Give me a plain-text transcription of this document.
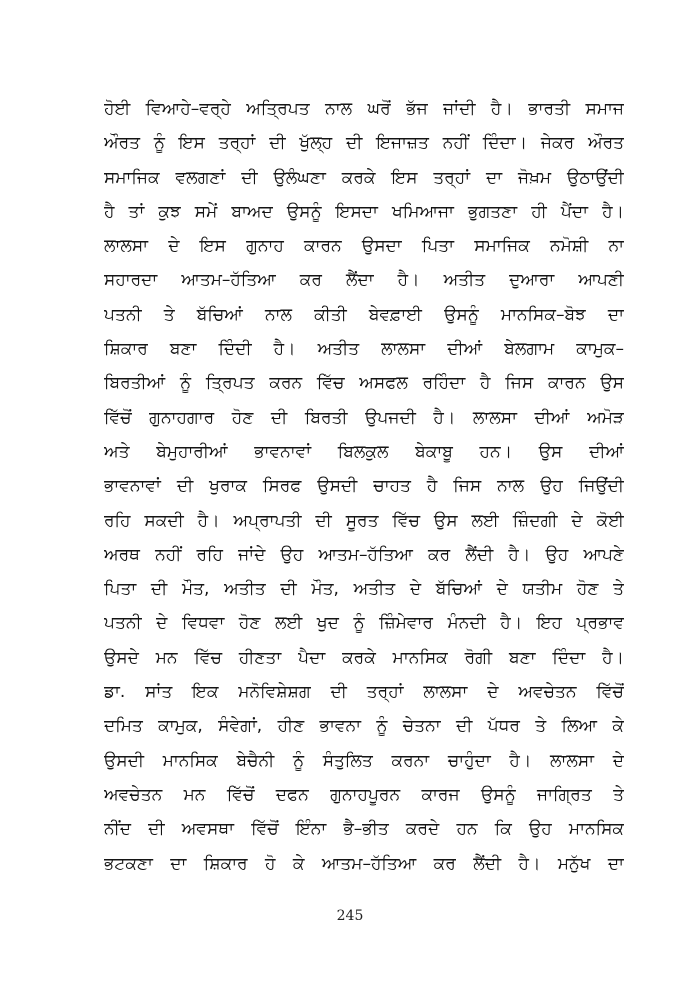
ਹੋਈ ਵਿਆਹੇ–ਵਰ੍ਹੇ ਅਤ੍ਰਿਪਤ ਨਾਲ ਘਰੋਂ ਭੱਜ ਜਾਂਦੀ ਹੈ। ਭਾਰਤੀ ਸਮਾਜ
ਔਰਤ ਨੂੰ ਇਸ ਤਰ੍ਹਾਂ ਦੀ ਖੁੱਲ੍ਹ ਦੀ ਇਜਾਜ਼ਤ ਨਹੀਂ ਦਿੰਦਾ। ਜੇਕਰ ਔਰਤ
ਸਮਾਜਿਕ ਵਲਗਣਾਂ ਦੀ ਉਲੰਘਣਾ ਕਰਕੇ ਇਸ ਤਰ੍ਹਾਂ ਦਾ ਜੋਖ਼ਮ ਉਠਾਉਂਦੀ
ਹੈ ਤਾਂ ਕੁਝ ਸਮੇਂ ਬਾਅਦ ਉਸਨੂੰ ਇਸਦਾ ਖਮਿਆਜਾ ਭੁਗਤਣਾ ਹੀ ਪੈਂਦਾ ਹੈ।
ਲਾਲਸਾ ਦੇ ਇਸ ਗੁਨਾਹ ਕਾਰਨ ਉਸਦਾ ਪਿਤਾ ਸਮਾਜਿਕ ਨਮੋਸ਼ੀ ਨਾ
ਸਹਾਰਦਾ ਆਤਮ–ਹੱਤਿਆ ਕਰ ਲੈਂਦਾ ਹੈ। ਅਤੀਤ ਦੁਆਰਾ ਆਪਣੀ
ਪਤਨੀ ਤੇ ਬੱਚਿਆਂ ਨਾਲ ਕੀਤੀ ਬੇਵਫ਼ਾਈ ਉਸਨੂੰ ਮਾਨਸਿਕ–ਬੋਝ ਦਾ
ਸ਼ਿਕਾਰ ਬਣਾ ਦਿੰਦੀ ਹੈ। ਅਤੀਤ ਲਾਲਸਾ ਦੀਆਂ ਬੇਲਗਾਮ ਕਾਮੁਕ–
ਬਿਰਤੀਆਂ ਨੂੰ ਤ੍ਰਿਪਤ ਕਰਨ ਵਿੱਚ ਅਸਫਲ ਰਹਿੰਦਾ ਹੈ ਜਿਸ ਕਾਰਨ ਉਸ
ਵਿੱਚੋਂ ਗੁਨਾਹਗਾਰ ਹੋਣ ਦੀ ਬਿਰਤੀ ਉਪਜਦੀ ਹੈ। ਲਾਲਸਾ ਦੀਆਂ ਅਮੋੜ
ਅਤੇ ਬੇਮੁਹਾਰੀਆਂ ਭਾਵਨਾਵਾਂ ਬਿਲਕੁਲ ਬੇਕਾਬੂ ਹਨ। ਉਸ ਦੀਆਂ
ਭਾਵਨਾਵਾਂ ਦੀ ਖੁਰਾਕ ਸਿਰਫ ਉਸਦੀ ਚਾਹਤ ਹੈ ਜਿਸ ਨਾਲ ਉਹ ਜਿਉਂਦੀ
ਰਹਿ ਸਕਦੀ ਹੈ। ਅਪ੍ਰਾਪਤੀ ਦੀ ਸੂਰਤ ਵਿੱਚ ਉਸ ਲਈ ਜ਼ਿੰਦਗੀ ਦੇ ਕੋਈ
ਅਰਥ ਨਹੀਂ ਰਹਿ ਜਾਂਦੇ ਉਹ ਆਤਮ–ਹੱਤਿਆ ਕਰ ਲੈਂਦੀ ਹੈ। ਉਹ ਆਪਣੇ
ਪਿਤਾ ਦੀ ਮੌਤ, ਅਤੀਤ ਦੀ ਮੌਤ, ਅਤੀਤ ਦੇ ਬੱਚਿਆਂ ਦੇ ਯਤੀਮ ਹੋਣ ਤੇ
ਪਤਨੀ ਦੇ ਵਿਧਵਾ ਹੋਣ ਲਈ ਖੁਦ ਨੂੰ ਜ਼ਿੰਮੇਵਾਰ ਮੰਨਦੀ ਹੈ। ਇਹ ਪ੍ਰਭਾਵ
ਉਸਦੇ ਮਨ ਵਿੱਚ ਹੀਣਤਾ ਪੈਦਾ ਕਰਕੇ ਮਾਨਸਿਕ ਰੋਗੀ ਬਣਾ ਦਿੰਦਾ ਹੈ।
ਡਾ. ਸਾਂਤ ਇਕ ਮਨੋਵਿਸ਼ੇਸ਼ਗ ਦੀ ਤਰ੍ਹਾਂ ਲਾਲਸਾ ਦੇ ਅਵਚੇਤਨ ਵਿੱਚੋਂ
ਦਮਿਤ ਕਾਮੁਕ, ਸੰਵੇਗਾਂ, ਹੀਣ ਭਾਵਨਾ ਨੂੰ ਚੇਤਨਾ ਦੀ ਪੱਧਰ ਤੇ ਲਿਆ ਕੇ
ਉਸਦੀ ਮਾਨਸਿਕ ਬੇਚੈਨੀ ਨੂੰ ਸੰਤੁਲਿਤ ਕਰਨਾ ਚਾਹੁੰਦਾ ਹੈ। ਲਾਲਸਾ ਦੇ
ਅਵਚੇਤਨ ਮਨ ਵਿੱਚੋਂ ਦਫਨ ਗੁਨਾਹਪੂਰਨ ਕਾਰਜ ਉਸਨੂੰ ਜਾਗ੍ਰਿਤ ਤੇ
ਨੀਂਦ ਦੀ ਅਵਸਥਾ ਵਿੱਚੋਂ ਇੰਨਾ ਭੈ–ਭੀਤ ਕਰਦੇ ਹਨ ਕਿ ਉਹ ਮਾਨਸਿਕ
ਭਟਕਣਾ ਦਾ ਸ਼ਿਕਾਰ ਹੋ ਕੇ ਆਤਮ–ਹੱਤਿਆ ਕਰ ਲੈਂਦੀ ਹੈ। ਮਨੁੱਖ ਦਾ
245
